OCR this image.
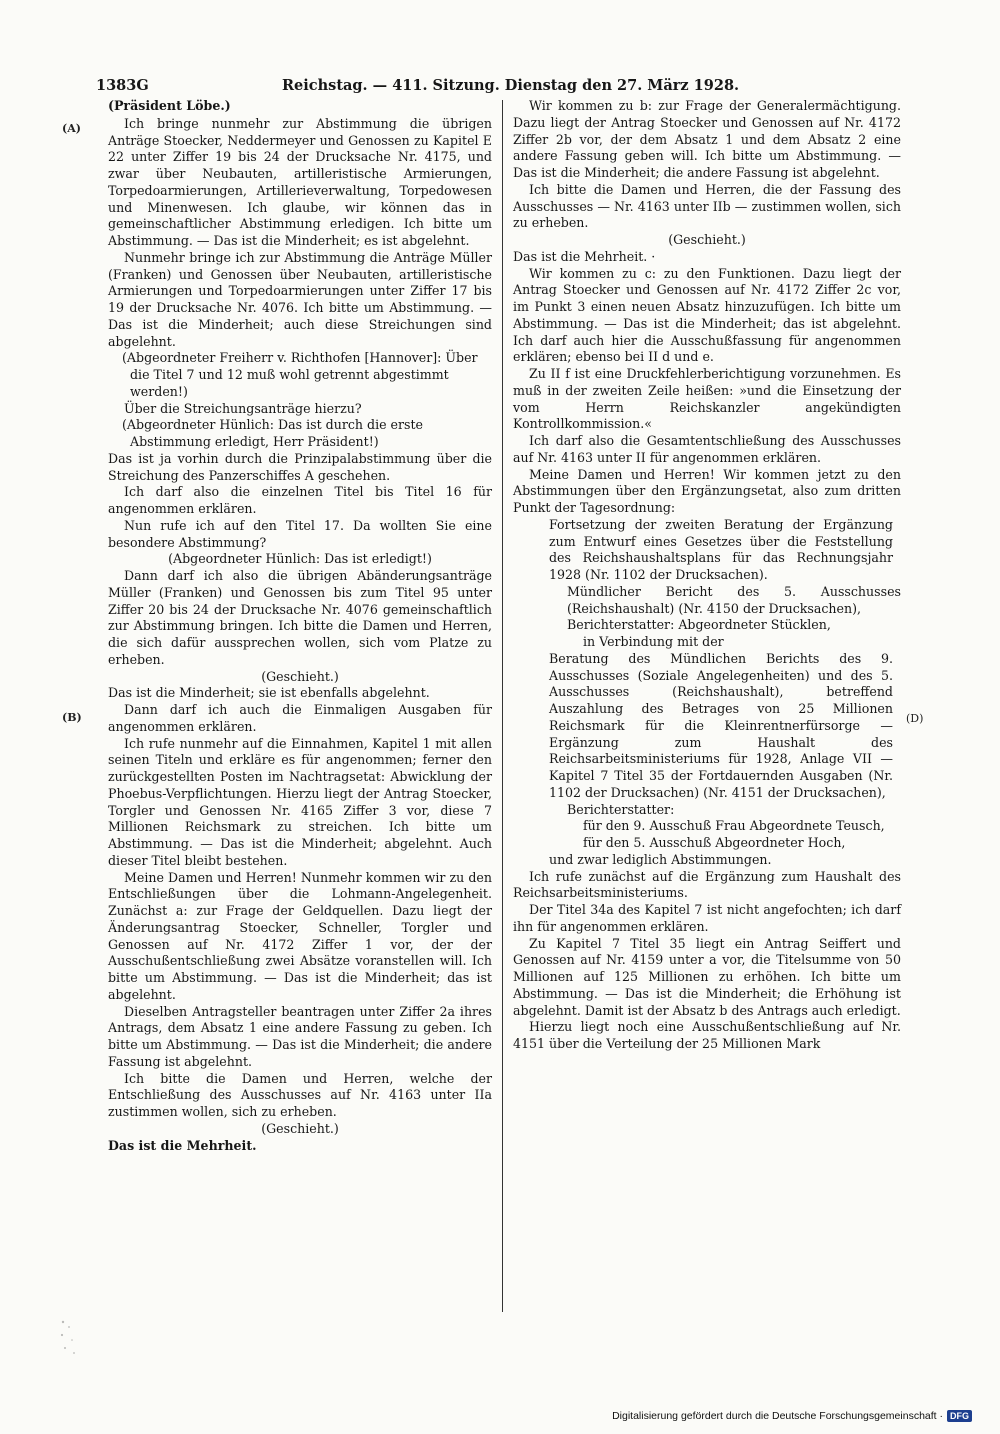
1383G	Reichstag. — 411. Sitzung. Dienstag den 27. März 1928.
(A)
(B)	(D)

(Präsident Löbe.)

Ich bringe nunmehr zur Abstimmung die übrigen Anträge Stoecker, Neddermeyer und Genossen zu Kapitel E 22 unter Ziffer 19 bis 24 der Drucksache Nr. 4175, und zwar über Neubauten, artilleristische Armierungen, Torpedoarmierungen, Artillerieverwaltung, Torpedowesen und Minenwesen. Ich glaube, wir können das in gemeinschaftlicher Abstimmung erledigen. Ich bitte um Abstimmung. — Das ist die Minderheit; es ist abgelehnt.

Nunmehr bringe ich zur Abstimmung die Anträge Müller (Franken) und Genossen über Neubauten, artilleristische Armierungen und Torpedoarmierungen unter Ziffer 17 bis 19 der Drucksache Nr. 4076. Ich bitte um Abstimmung. — Das ist die Minderheit; auch diese Streichungen sind abgelehnt.

(Abgeordneter Freiherr v. Richthofen [Hannover]: Über die Titel 7 und 12 muß wohl getrennt abgestimmt werden!)

Über die Streichungsanträge hierzu?

(Abgeordneter Hünlich: Das ist durch die erste Abstimmung erledigt, Herr Präsident!)

Das ist ja vorhin durch die Prinzipalabstimmung über die Streichung des Panzerschiffes A geschehen.

Ich darf also die einzelnen Titel bis Titel 16 für angenommen erklären.

Nun rufe ich auf den Titel 17. Da wollten Sie eine besondere Abstimmung?

(Abgeordneter Hünlich: Das ist erledigt!)

Dann darf ich also die übrigen Abänderungsanträge Müller (Franken) und Genossen bis zum Titel 95 unter Ziffer 20 bis 24 der Drucksache Nr. 4076 gemeinschaftlich zur Abstimmung bringen. Ich bitte die Damen und Herren, die sich dafür aussprechen wollen, sich vom Platze zu erheben.

(Geschieht.)

Das ist die Minderheit; sie ist ebenfalls abgelehnt.

Dann darf ich auch die Einmaligen Ausgaben für angenommen erklären.

Ich rufe nunmehr auf die Einnahmen, Kapitel 1 mit allen seinen Titeln und erkläre es für angenommen; ferner den zurückgestellten Posten im Nachtragsetat: Abwicklung der Phoebus-Verpflichtungen. Hierzu liegt der Antrag Stoecker, Torgler und Genossen Nr. 4165 Ziffer 3 vor, diese 7 Millionen Reichsmark zu streichen. Ich bitte um Abstimmung. — Das ist die Minderheit; abgelehnt. Auch dieser Titel bleibt bestehen.

Meine Damen und Herren! Nunmehr kommen wir zu den Entschließungen über die Lohmann-Angelegenheit. Zunächst a: zur Frage der Geldquellen. Dazu liegt der Änderungsantrag Stoecker, Schneller, Torgler und Genossen auf Nr. 4172 Ziffer 1 vor, der der Ausschußentschließung zwei Absätze voranstellen will. Ich bitte um Abstimmung. — Das ist die Minderheit; das ist abgelehnt.

Dieselben Antragsteller beantragen unter Ziffer 2a ihres Antrags, dem Absatz 1 eine andere Fassung zu geben. Ich bitte um Abstimmung. — Das ist die Minderheit; die andere Fassung ist abgelehnt.

Ich bitte die Damen und Herren, welche der Entschließung des Ausschusses auf Nr. 4163 unter IIa zustimmen wollen, sich zu erheben.

(Geschieht.)

Das ist die Mehrheit.

Wir kommen zu b: zur Frage der Generalermächtigung. Dazu liegt der Antrag Stoecker und Genossen auf Nr. 4172 Ziffer 2b vor, der dem Absatz 1 und dem Absatz 2 eine andere Fassung geben will. Ich bitte um Abstimmung. — Das ist die Minderheit; die andere Fassung ist abgelehnt.

Ich bitte die Damen und Herren, die der Fassung des Ausschusses — Nr. 4163 unter IIb — zustimmen wollen, sich zu erheben.

(Geschieht.)

Das ist die Mehrheit. ·

Wir kommen zu c: zu den Funktionen. Dazu liegt der Antrag Stoecker und Genossen auf Nr. 4172 Ziffer 2c vor, im Punkt 3 einen neuen Absatz hinzuzufügen. Ich bitte um Abstimmung. — Das ist die Minderheit; das ist abgelehnt. Ich darf auch hier die Ausschußfassung für angenommen erklären; ebenso bei II d und e.

Zu II f ist eine Druckfehlerberichtigung vorzunehmen. Es muß in der zweiten Zeile heißen: »und die Einsetzung der vom Herrn Reichskanzler angekündigten Kontrollkommission.«

Ich darf also die Gesamtentschließung des Ausschusses auf Nr. 4163 unter II für angenommen erklären.

Meine Damen und Herren! Wir kommen jetzt zu den Abstimmungen über den Ergänzungsetat, also zum dritten Punkt der Tagesordnung:

Fortsetzung der zweiten Beratung der Ergänzung zum Entwurf eines Gesetzes über die Feststellung des Reichshaushaltsplans für das Rechnungsjahr 1928 (Nr. 1102 der Drucksachen).

Mündlicher Bericht des 5. Ausschusses (Reichshaushalt) (Nr. 4150 der Drucksachen),

Berichterstatter: Abgeordneter Stücklen,

in Verbindung mit der

Beratung des Mündlichen Berichts des 9. Ausschusses (Soziale Angelegenheiten) und des 5. Ausschusses (Reichshaushalt), betreffend Auszahlung des Betrages von 25 Millionen Reichsmark für die Kleinrentnerfürsorge — Ergänzung zum Haushalt des Reichsarbeitsministeriums für 1928, Anlage VII — Kapitel 7 Titel 35 der Fortdauernden Ausgaben (Nr. 1102 der Drucksachen) (Nr. 4151 der Drucksachen),

Berichterstatter:

für den 9. Ausschuß Frau Abgeordnete Teusch,

für den 5. Ausschuß Abgeordneter Hoch,

und zwar lediglich Abstimmungen.

Ich rufe zunächst auf die Ergänzung zum Haushalt des Reichsarbeitsministeriums.

Der Titel 34a des Kapitel 7 ist nicht angefochten; ich darf ihn für angenommen erklären.

Zu Kapitel 7 Titel 35 liegt ein Antrag Seiffert und Genossen auf Nr. 4159 unter a vor, die Titelsumme von 50 Millionen auf 125 Millionen zu erhöhen. Ich bitte um Abstimmung. — Das ist die Minderheit; die Erhöhung ist abgelehnt. Damit ist der Absatz b des Antrags auch erledigt.

Hierzu liegt noch eine Ausschußentschließung auf Nr. 4151 über die Verteilung der 25 Millionen Mark

Digitalisierung gefördert durch die Deutsche Forschungsgemeinschaft · DFG
